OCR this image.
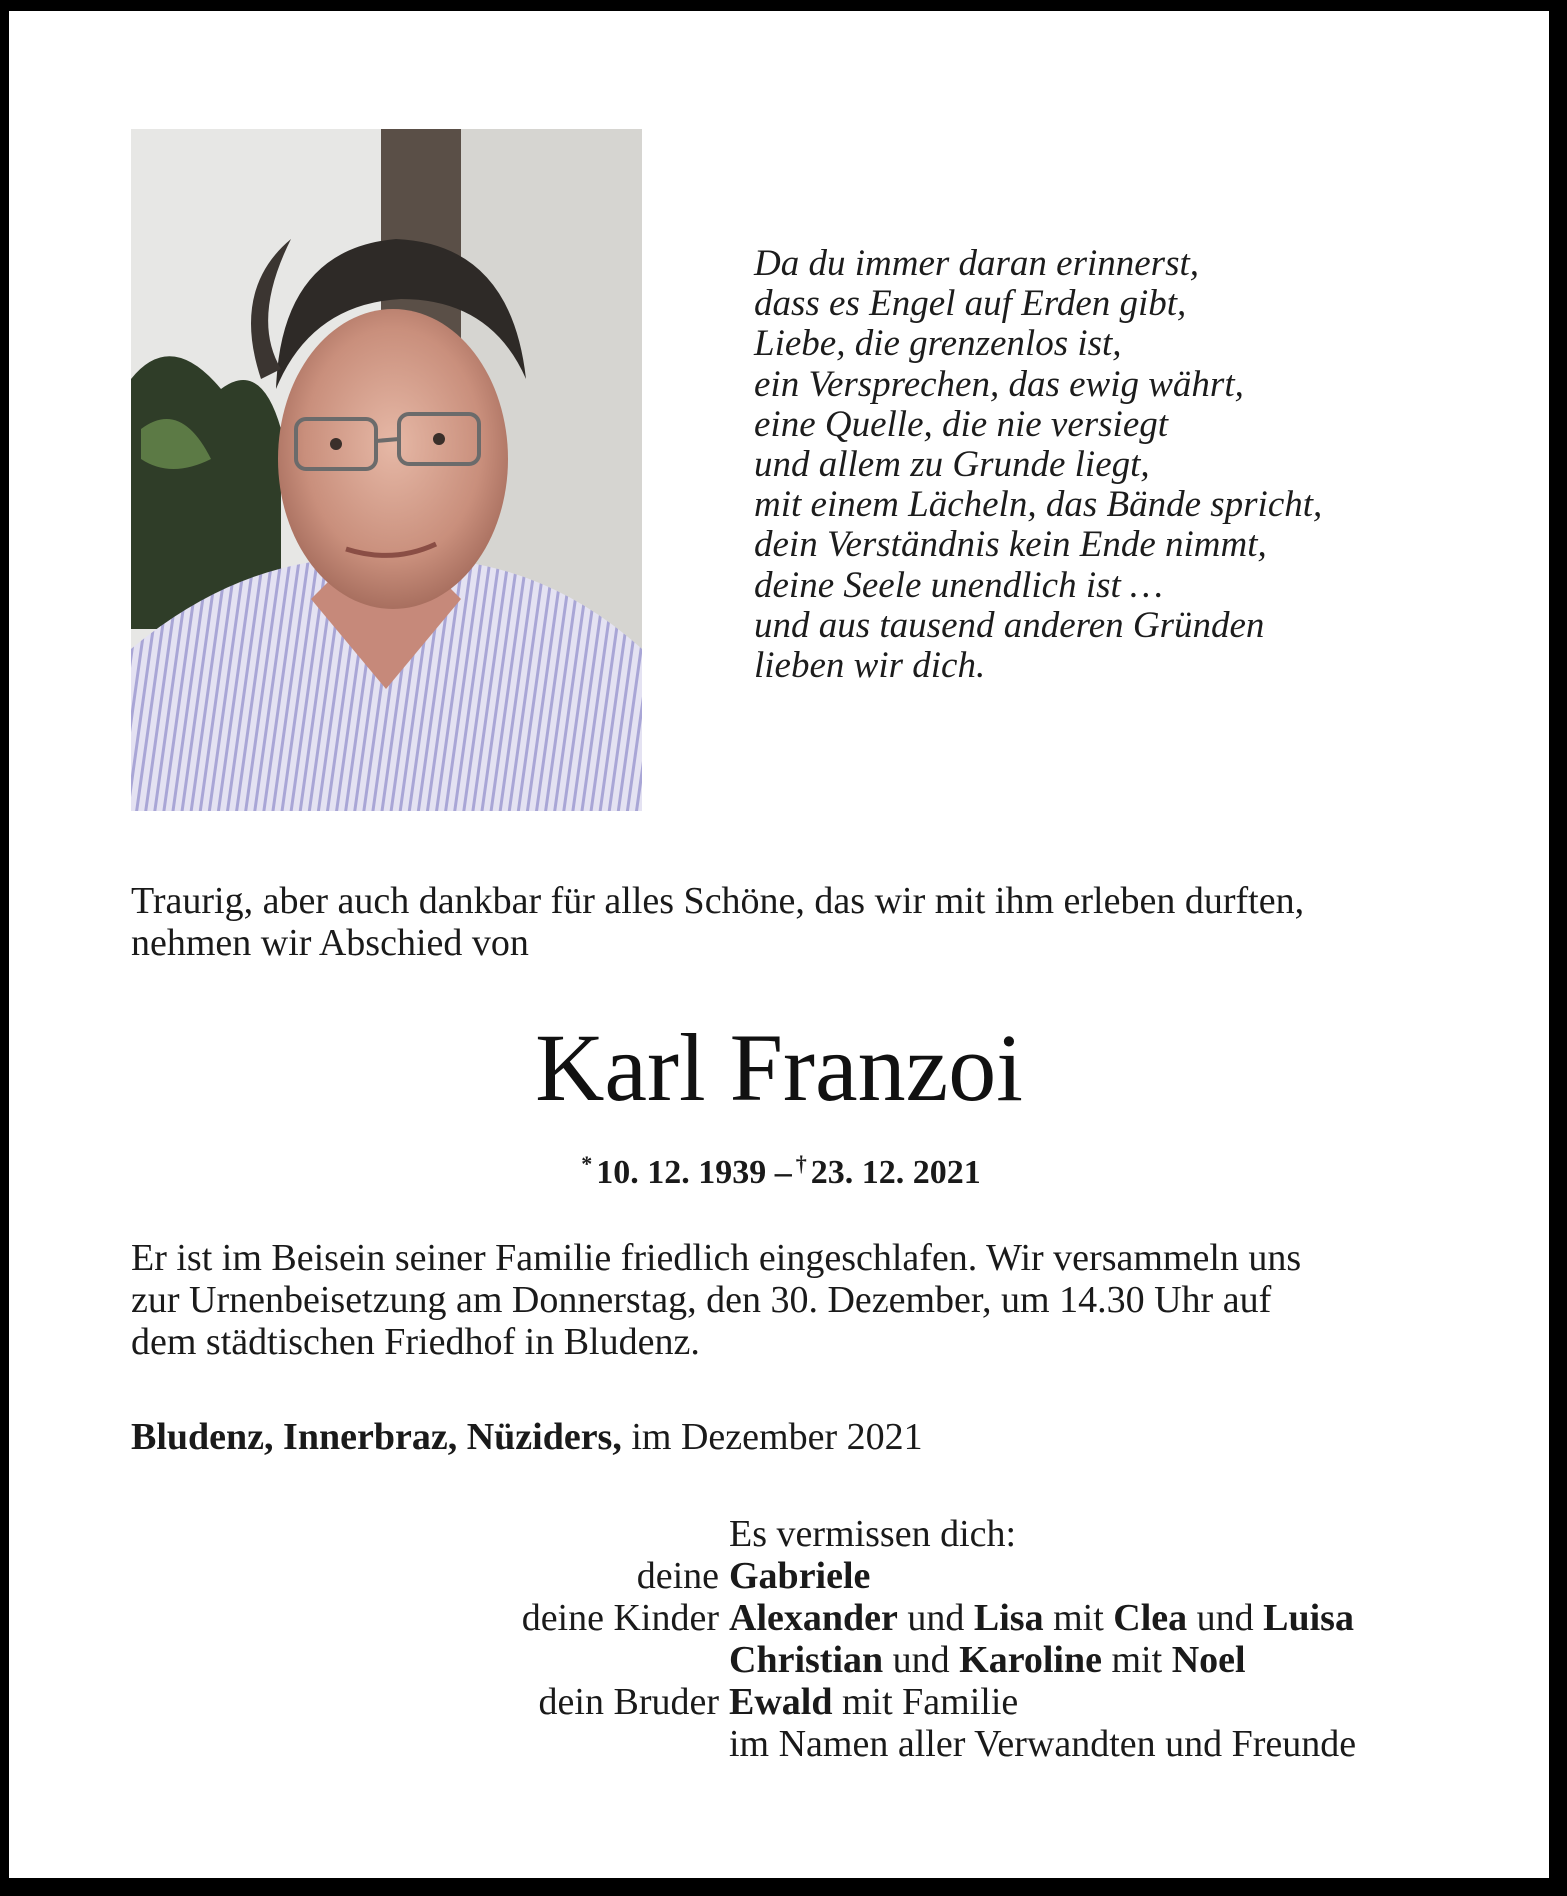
Da du immer daran erinnerst,
dass es Engel auf Erden gibt,
Liebe, die grenzenlos ist,
ein Versprechen, das ewig währt,
eine Quelle, die nie versiegt
und allem zu Grunde liegt,
mit einem Lächeln, das Bände spricht,
dein Verständnis kein Ende nimmt,
deine Seele unendlich ist …
und aus tausend anderen Gründen
lieben wir dich.
Traurig, aber auch dankbar für alles Schöne, das wir mit ihm erleben durften,
nehmen wir Abschied von
Karl Franzoi
* 10. 12. 1939 – † 23. 12. 2021
Er ist im Beisein seiner Familie friedlich eingeschlafen. Wir versammeln uns
zur Urnenbeisetzung am Donnerstag, den 30. Dezember, um 14.30 Uhr auf
dem städtischen Friedhof in Bludenz.
Bludenz, Innerbraz, Nüziders, im Dezember 2021
Es vermissen dich:
deine Gabriele
deine Kinder Alexander und Lisa mit Clea und Luisa
Christian und Karoline mit Noel
dein Bruder Ewald mit Familie
im Namen aller Verwandten und Freunde
